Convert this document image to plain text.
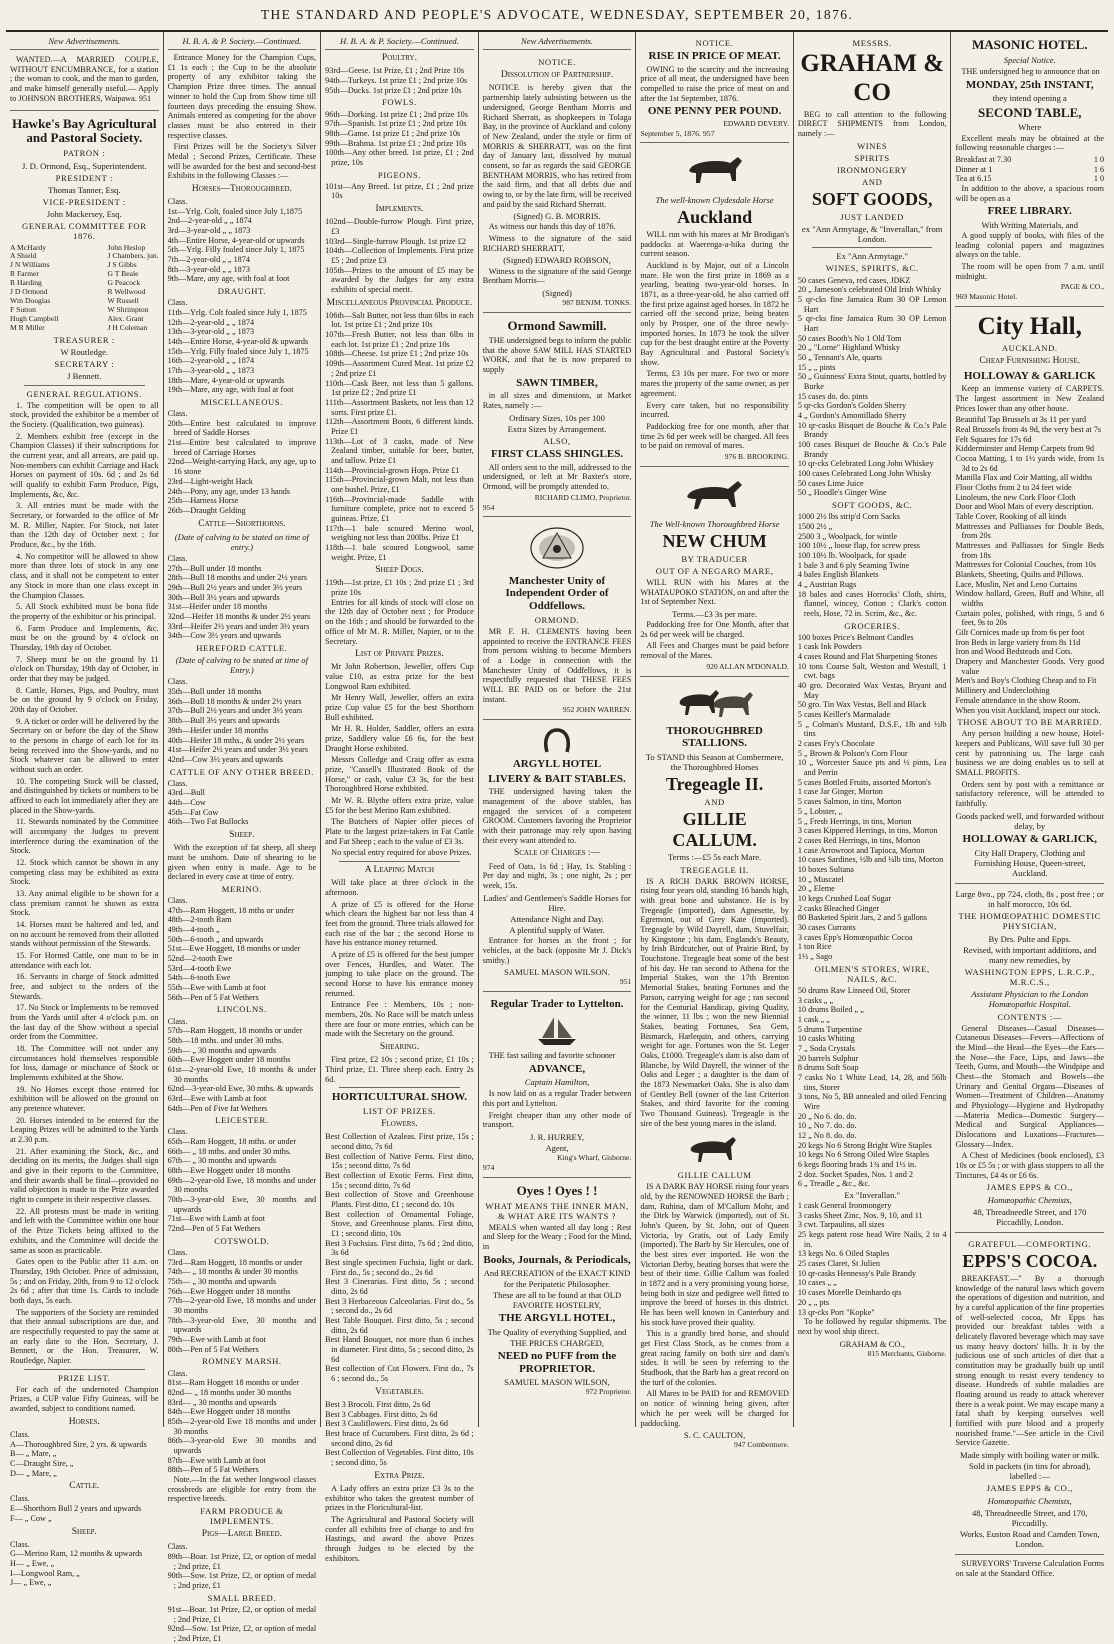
THE STANDARD AND PEOPLE'S ADVOCATE, WEDNESDAY, SEPTEMBER 20, 1876.
New Advertisements.

WANTED.—A MARRIED COUPLE, WITHOUT ENCUMBRANCE, for a station ; the woman to cook, and the man to garden, and make himself generally useful.— Apply to JOHNSON BROTHERS, Waipawa. 951

Hawke's Bay Agricultural and Pastoral Society.
PATRON :
J. D. Ormond, Esq., Superintendent.
PRESIDENT :
Thomas Tanner, Esq.
VICE-PRESIDENT :
John Mackersey, Esq.
GENERAL COMMITTEE FOR 1876.
A McHardy
A Shield
J N Williams
R Farmer
R Harding
J D Ormond
Wm Douglas
F Sutton
Hugh Campbell
M R Miller
John Heslop
J Chambers, jun.
J S Gibbs
G T Beale
G Peacock
R Wellwood
W Russell
W Shrimpton
Alex. Grant
J H Coleman
TREASURER :
W Routledge.
SECRETARY :
J Bennett.
GENERAL REGULATIONS.

1. The competition will be open to all stock, provided the exhibitor be a member of the Society. (Qualification, two guineas).

2. Members exhibit free (except in the Champion Classes) if their subscriptions for the current year, and all arrears, are paid up. Non-members can exhibit Carriage and Hack Horses on payment of 10s. 6d ; and 2s 6d will qualify to exhibit Farm Produce, Pigs, Implements, &c, &c.

3. All entries must be made with the Secretary, or forwarded to the office of Mr M. R. Miller, Napier. For Stock, not later than the 12th day of October next ; for Produce, &c., by the 16th.

4. No competitor will be allowed to show more than three lots of stock in any one class, and it shall not be competent to enter any Stock in more than one class except in the Champion Classes.

5. All Stock exhibited must be bona fide the property of the exhibitor or his principal.

6. Farm Produce and Implements, &c. must be on the ground by 4 o'clock on Thursday, 19th day of October.

7. Sheep must be on the ground by 11 o'clock on Thursday, 19th day of October, in order that they may be judged.

8. Cattle, Horses, Pigs, and Poultry, must be on the ground by 9 o'clock on Friday, 20th day of October.

9. A ticket or order will be delivered by the Secretary on or before the day of the Show to the persons in charge of each lot for its being received into the Show-yards, and no Stock whatever can be allowed to enter without such an order.

10. The competing Stock will be classed, and distinguished by tickets or numbers to be affixed to each lot immediately after they are placed in the Show-yards.

11. Stewards nominated by the Committee will accompany the Judges to prevent interference during the examination of the Stock.

12. Stock which cannot be shown in any competing class may be exhibited as extra Stock.

13. Any animal eligible to be shown for a class premium cannot be shown as extra Stock.

14. Horses must be haltered and led, and on no account be removed from their allotted stands without permission of the Stewards.

15. For Horned Cattle, one man to be in attendance with each lot.

16. Servants in charge of Stock admitted free, and subject to the orders of the Stewards.

17. No Stock or Implements to be removed from the Yards until after 4 o'clock p.m. on the last day of the Show without a special order from the Committee.

18. The Committee will not under any circumstances hold themselves responsible for loss, damage or mischance of Stock or Implements exhibited at the Show.

19. No Horses except those entered for exhibition will be allowed on the ground on any pretence whatever.

20. Horses intended to be entered for the Leaping Prizes will be admitted to the Yards at 2.30 p.m.

21. After examining the Stock, &c., and deciding on its merits, the Judges shall sign and give in their reports to the Committee, and their awards shall be final—provided no valid objection is made to the Prize awarded right to compete in their respective classes.

22. All protests must be made in writing and left with the Committee within one hour of the Prize Tickets being affixed to the exhibits, and the Committee will decide the same as soon as practicable.

Gates open to the Public after 11 a.m. on Thursday, 19th October. Price of admission, 5s ; and on Friday, 20th, from 9 to 12 o'clock 2s 6d ; after that time 1s. Cards to include both days, 5s each.

The supporters of the Society are reminded that their annual subscriptions are due, and are respectfully requested to pay the same at an early date to the Hon. Secretary, J. Bennett, or the Hon. Treasurer, W. Routledge, Napier.

PRIZE LIST.

For each of the undernoted Champion Prizes, a CUP value Fifty Guineas, will be awarded, subject to conditions named.

Horses.
Class.
A—Thoroughbred Sire, 2 yrs. & upwards
B— „ Mare, „
C—Draught Sire, „
D— „ Mare, „
Cattle.
Class.
E—Shorthorn Bull 2 years and upwards
F— „ Cow „
Sheep.
Class.
G—Merino Ram, 12 months & upwards
H— „ Ewe, „
I—Longwool Ram, „
J— „ Ewe, „
H. B. A. & P. Society.—Continued.

Entrance Money for the Champion Cups, £1 1s each ; the Cup to be the absolute property of any exhibitor taking the Champion Prize three times. The annual winner to hold the Cup from Show time till fourteen days preceding the ensuing Show. Animals entered as competing for the above classes must be also entered in their respective classes.

First Prizes will be the Society's Silver Medal ; Second Prizes, Certificate. These will be awarded for the best and second-best Exhibits in the following Classes :—

Horses—Thoroughbred.
Class.
1st—Yrlg. Colt, foaled since July 1,1875
2nd—2-year-old „ „ 1874
3rd—3-year-old „ „ 1873
4th—Entire Horse, 4-year-old or upwards
5th—Yrlg. Filly foaled since July 1, 1875
7th—2-year-old „ „ 1874
8th—3-year-old „ „ 1873
9th—Mare, any age, with foal at foot
DRAUGHT.
Class.
11th—Yrlg. Colt foaled since July 1, 1875
12th—2-year-old „ „ 1874
13th—3-year-old „ „ 1873
14th—Entire Horse, 4-year-old & upwards
15th—Yrlg. Filly foaled since July 1, 1875
16th—2-year-old „ „ 1874
17th—3-year-old „ „ 1873
18th—Mare, 4-year-old or upwards
19th—Mare, any age, with foal at foot
MISCELLANEOUS.
Class.
20th—Entire best calculated to improve breed of Saddle Horses
21st—Entire best calculated to improve breed of Carriage Horses
22nd—Weight-carrying Hack, any age, up to 16 stone
23rd—Light-weight Hack
24th—Pony, any age, under 13 hands
25th—Harness Horse
26th—Draught Gelding
Cattle—Shorthorns.
(Date of calving to be stated on time of entry.)
Class.
27th—Bull under 18 months
28th—Bull 18 months and under 2½ years
29th—Bull 2½ years and under 3½ years
30th—Bull 3½ years and upwards
31st—Heifer under 18 months
32nd—Heifer 18 months & under 2½ years
33rd—Heifer 2½ years and under 3½ years
34th—Cow 3½ years and upwards
HEREFORD CATTLE.
(Date of calving to be stated at time of Entry.)
Class.
35th—Bull under 18 months
36th—Bull 18 months & under 2½ years
37th—Bull 2½ years and under 3½ years
38th—Bull 3½ years and upwards
39th—Heifer under 18 months
40th—Heifer 18 mths., & under 2½ years
41st—Heifer 2½ years and under 3½ years
42nd—Cow 3½ years and upwards
CATTLE OF ANY OTHER BREED.
Class.
43rd—Bull
44th—Cow
45th—Fat Cow
46th—Two Fat Bullocks
Sheep.

With the exception of fat sheep, all sheep must be unshorn. Date of shearing to be given when entry is made. Age to be declared in every case at time of entry.

MERINO.
Class.
47th—Ram Hoggett, 18 mths or under
48th—2-tooth Ram
49th—4-tooth „
50th—6-tooth „ and upwards
51st—Ewe Hoggett, 18 months or under
52nd—2-tooth Ewe
53rd—4-tooth Ewe
54th—6-tooth Ewe
55th—Ewe with Lamb at foot
56th—Pen of 5 Fat Wethers
LINCOLNS.
Class.
57th—Ram Hoggett, 18 months or under
58th—18 mths. and under 30 mths.
59th— „ 30 months and upwards
60th—Ewe Hoggett under 18 months
61st—2-year-old Ewe, 18 months & under 30 months
62nd—3-year-old Ewe, 30 mths. & upwards
63rd—Ewe with Lamb at foot
64th—Pen of Five fat Wethers
LEICESTER.
Class.
65th—Ram Hoggett, 18 mths. or under
66th— „ 18 mths. and under 30 mths.
67th— „ 30 months and upwards
68th—Ewe Hoggett under 18 months
69th—2-year-old Ewe, 18 months and under 30 months
70th—3-year-old Ewe, 30 months and upwards
71st—Ewe with Lamb at foot
72nd—Pen of 5 Fat Wethers
COTSWOLD.
Class.
73rd—Ram Hoggett, 18 months or under
74th— „ 18 months & under 30 months
75th— „ 30 months and upwards
76th—Ewe Hoggett under 18 months
77th—2-year-old Ewe, 18 months and under 30 months
78th—3-year-old Ewe, 30 months and upwards
79th—Ewe with Lamb at foot
80th—Pen of 5 Fat Wethers
ROMNEY MARSH.
Class.
81st—Ram Hoggett 18 months or under
82nd— „ 18 months under 30 months
83rd— „ 30 months and upwards
84th—Ewe Hoggett under 18 months
85th—2-year-old Ewe 18 months and under 30 months
86th—3-year-old Ewe 30 months and upwards
87th—Ewe with Lamb at foot
88th—Pen of 5 Fat Wethers

Note.—In the fat wether longwool classes crossbreds are eligible for entry from the respective breeds.

FARM PRODUCE & IMPLEMENTS.
Pigs—Large Breed.
Class.
89th—Boar. 1st Prize, £2, or option of medal ; 2nd prize, £1
90th—Sow. 1st Prize, £2, or option of medal ; 2nd prize, £1
SMALL BREED.
91st—Boar. 1st Prize, £2, or option of medal ; 2nd Prize, £1
92nd—Sow. 1st Prize, £2, or option of medal ; 2nd Prize, £1
H. B. A. & P. Society.—Continued.
Poultry.
93rd—Geese. 1st Prize, £1 ; 2nd Prize 10s
94th—Turkeys. 1st prize £1 ; 2nd prize 10s
95th—Ducks. 1st prize £1 ; 2nd prize 10s
FOWLS.
96th—Dorking. 1st prize £1 ; 2nd prize 10s
97th—Spanish. 1st prize £1 ; 2nd prize 10s
98th—Game. 1st prize £1 ; 2nd prize 10s
99th—Brahma. 1st prize £1 ; 2nd prize 10s
100th—Any other breed. 1st prize, £1 ; 2nd prize, 10s
PIGEONS.
101st—Any Breed. 1st prize, £1 ; 2nd prize 10s
Implements.
102nd—Double-furrow Plough. First prize, £3
103rd—Single-furrow Plough. 1st prize £2
104th—Collection of Implements. First prize £5 ; 2nd prize £3
105th—Prizes to the amount of £5 may be awarded by the Judges for any extra exhibits of special merit.
Miscellaneous Provincial Produce.
106th—Salt Butter, not less than 6lbs in each lot. 1st prize £1 ; 2nd prize 10s
107th—Fresh Butter, not less than 6lbs in each lot. 1st prize £1 ; 2nd prize 10s
108th—Cheese. 1st prize £1 ; 2nd prize 10s
109th—Assortment Cured Meat. 1st prize £2 ; 2nd prize £1
110th—Cask Beer, not less than 5 gallons. 1st prize £2 ; 2nd prize £1
111th—Assortment Baskets, not less than 12 sorts. First prize £1.
112th—Assortment Boots, 6 different kinds. Prize £1
113th—Lot of 3 casks, made of New Zealand timber, suitable for beer, butter, and tallow. Prize £1
114th—Provincial-grown Hops. Prize £1
115th—Provincial-grown Malt, not less than one bushel. Prize, £1
116th—Provincial-made Saddle with furniture complete, price not to exceed 5 guineas. Prize, £1
117th—1 bale scoured Merino wool, weighing not less than 200lbs. Prize £1
118th—1 bale scoured Longwool, same weight. Prize, £1
Sheep Dogs.
119th—1st prize, £1 10s ; 2nd prize £1 ; 3rd prize 10s

Entries for all kinds of stock will close on the 12th day of October next ; for Produce on the 16th ; and should be forwarded to the office of Mr M. R. Miller, Napier, or to the Secretary.

List of Private Prizes.

Mr John Robertson, Jeweller, offers Cup value £10, as extra prize for the best Longwool Ram exhibited.

Mr Henry Wall, Jeweller, offers an extra prize Cup value £5 for the best Shorthorn Bull exhibited.

Mr H. R. Holder, Saddler, offers an extra prize, Saddlery value £6 6s, for the best Draught Horse exhibited.

Messrs Colledge and Craig offer as extra prize, "Cassell's Illustrated Book of the Horse," or cash, value £3 3s, for the best Thoroughbred Horse exhibited.

Mr W. R. Blythe offers extra prize, value £5 for the best Merino Ram exhibited.

The Butchers of Napier offer pieces of Plate to the largest prize-takers in Fat Cattle and Fat Sheep ; each to the value of £3 3s.

No special entry required for above Prizes.

A Leaping Match

Will take place at three o'clock in the afternoon.

A prize of £5 is offered for the Horse which clears the highest bar not less than 4 feet from the ground. Three trials allowed for each rise of the bar ; the second Horse to have his entrance money returned.

A prize of £5 is offered for the best jumper over Fences, Hurdles, and Water. The jumping to take place on the ground. The second Horse to have his entrance money returned.

Entrance Fee : Members, 10s ; non-members, 20s. No Race will be match unless there are four or more entries, which can be made with the Secretary on the ground.

Shearing.

First prize, £2 10s ; second prize, £1 10s ; Third prize, £1. Three sheep each. Entry 2s 6d.

HORTICULTURAL SHOW.
LIST OF PRIZES.
Flowers.
Best Collection of Azaleas. First prize, 15s ; second ditto, 7s 6d
Best collection of Native Ferns. First ditto, 15s ; second ditto, 7s 6d
Best collection of Exotic Ferns. First ditto, 15s ; second ditto, 7s 6d
Best collection of Stove and Greenhouse Plants. First ditto, £1 ; second do. 10s
Best collection of Ornamental Foliage, Stove, and Greenhouse plants. First ditto, £1 ; second ditto, 10s
Best 3 Fuchsias. First ditto, 7s 6d ; 2nd ditto, 3s 6d
Best single specimen Fuchsia, light or dark. First do., 5s ; second do., 2s 6d
Best 3 Cinerarias. First ditto, 5s ; second ditto, 2s 6d
Best 3 Herbaceous Calceolarias. First do., 5s ; second do., 2s 6d
Best Table Bouquet. First ditto, 5s ; second ditto, 2s 6d
Best Hand Bouquet, not more than 6 inches in diameter. First ditto, 5s ; second ditto, 2s 6d
Best collection of Cut Flowers. First do., 7s 6 ; second do., 5s
Vegetables.
Best 3 Brocoli. First ditto, 2s 6d
Best 3 Cabbages. First ditto, 2s 6d
Best 3 Cauliflowers. First ditto, 2s 6d
Best brace of Cucumbers. First ditto, 2s 6d ; second ditto, 2s 6d
Best Collection of Vegetables. First ditto, 10s ; second ditto, 5s
Extra Prize.

A Lady offers an extra prize £3 3s to the exhibitor who takes the greatest number of prizes in the Floricultural-list.

The Agricultural and Pastoral Society will confer all exhibits free of charge to and fro Hastings, and award the above Prizes through Judges to be elected by the exhibitors.

New Advertisements.
NOTICE.
Dissolution of Partnership.

NOTICE is hereby given that the partnership lately subsisting between us the undersigned, George Bentham Morris and Richard Sherratt, as shopkeepers in Tolaga Bay, in the province of Auckland and colony of New Zealand, under the style or firm of MORRIS & SHERRATT, was on the first day of January last, dissolved by mutual consent, so far as regards the said GEORGE BENTHAM MORRIS, who has retired from the said firm, and that all debts due and owing to, or by the late firm, will be received and paid by the said Richard Sherratt.

(Signed) G. B. MORRIS.

As witness our hands this day of 1876.

Witness to the signature of the said RICHARD SHERRATT,

(Signed) EDWARD ROBSON,

Witness to the signature of the said George Bentham Morris—

(Signed)
987 BENJM. TONKS.
Ormond Sawmill.

THE undersigned begs to inform the public that the above SAW MILL HAS STARTED WORK, and that he is now prepared to supply

SAWN TIMBER,

in all sizes and dimensions, at Market Rates, namely :—

Ordinary Sizes, 10s per 100
Extra Sizes by Arrangement.
ALSO,
FIRST CLASS SHINGLES.

All orders sent to the mill, addressed to the undersigned, or left at Mr Baxter's store, Ormond, will be promptly attended to.

RICHARD CLIMO, Proprietor.
954
Manchester Unity of Independent Order of Oddfellows.
ORMOND.

MR F. H. CLEMENTS having been appointed to receive the ENTRANCE FEES from persons wishing to become Members of a Lodge in connection with the Manchester Unity of Oddfellows, it is respectfully requested that THESE FEES WILL BE PAID on or before the 21st instant.

952 JOHN WARREN.
ARGYLL HOTEL
LIVERY & BAIT STABLES.

THE undersigned having taken the management of the above stables, has engaged the services of a competent GROOM. Customers favoring the Proprietor with their patronage may rely upon having their every want attended to.

Scale of Charges :—

Feed of Oats, 1s 6d ; Hay, 1s. Stabling : Per day and night, 3s ; one night, 2s ; per week, 15s.

Ladies' and Gentlemen's Saddle Horses for Hire.
Attendance Night and Day.
A plentiful supply of Water.

Entrance for horses as the front ; for vehicles, at the back (opposite Mr J. Dick's smithy.)

SAMUEL MASON WILSON.
951
Regular Trader to Lyttelton.

THE fast sailing and favorite schooner

ADVANCE,
Captain Hamilton,

Is now laid on as a regular Trader between this port and Lyttelton.

Freight cheaper than any other mode of transport.

J. R. HURREY,
Agent,
King's Wharf, Gisborne.
974
Oyes ! Oyes ! !
WHAT MEANS THE INNER MAN, & WHAT ARE ITS WANTS ?

MEALS when wanted all day long ; Rest and Sleep for the Weary ; Food for the Mind, in

Books, Journals, & Periodicals,
And RECREATION of the EXACT KIND for the Peripatetic Philosopher.
These are all to be found at that OLD FAVORITE HOSTELRY,
THE ARGYLL HOTEL,
The Quality of everything Supplied, and
THE PRICES CHARGED,
NEED no PUFF from the PROPRIETOR.
SAMUEL MASON WILSON,
972 Proprietor.
NOTICE.
RISE IN PRICE OF MEAT.

OWING to the scarcity and the increasing price of all meat, the undersigned have been compelled to raise the price of meat on and after the 1st September, 1876.

ONE PENNY PER POUND.
EDWARD DEVERY.
September 5, 1876. 957
The well-known Clydesdale Horse
Auckland

WILL run with his mares at Mr Brodigan's paddocks at Waerenga-a-hika during the current season.

Auckland is by Major, out of a Lincoln mare. He won the first prize in 1869 as a yearling, beating two-year-old horses. In 1871, as a three-year-old, he also carried off the first prize against aged horses. In 1872 he carried off the second prize, being beaten only by Prosper, one of the three newly-imported horses. In 1873 he took the silver cup for the best draught entire at the Poverty Bay Agricultural and Pastoral Society's show.

Terms, £3 10s per mare. For two or more mares the property of the same owner, as per agreement.

Every care taken, but no responsibility incurred.

Paddocking free for one month, after that time 2s 6d per week will be charged. All fees to be paid on removal of mares.

976 B. BROOKING.
The Well-known Thoroughbred Horse
NEW CHUM
BY TRADUCER
OUT OF A NEGARO MARE,

WILL RUN with his Mares at the WHATAUPOKO STATION, on and after the 1st of September Next.

Terms.—£3 3s per mare.

Paddocking free for One Month, after that 2s 6d per week will be charged.

All Fees and Charges must be paid before removal of the Mares.

920 ALLAN M'DONALD.
THOROUGHBRED STALLIONS.
To STAND this Season at Combermere, the Thoroughbred Horses
Tregeagle II.
AND
GILLIE CALLUM.
Terms :—£5 5s each Mare.
TREGEAGLE II.

IS A RICH DARK BROWN HORSE, rising four years old, standing 16 hands high, with great bone and substance. He is by Tregeagle (imported), dam Agnesette, by Egremont, out of Grey Kate (imported). Tregeagle by Wild Dayrell, dam, Stuvelfair, by Kingstone ; his dam, Englands's Beauty, by Irish Birdcatcher, out of Prairie Bird, by Touchstone. Tregeagle beat some of the best of his day. He ran second to Athena for the Imperial Stakes, won the 17th Brenton Memorial Stakes, beating Fortunes and the Parson, carrying weight for age ; ran second for the Centurial Handicap, giving Quality, the winner, 11 lbs ; won the new Biennial Stakes, beating Fortunes, Sea Gem, Bismarck, Harlequin, and others, carrying weight for age. Fortunes won the St. Leger Oaks, £1000. Tregeagle's dam is also dam of Blanche, by Wild Dayrell, the winner of the Oaks and Leger ; a daughter is the dam of the 1873 Newmarket Oaks. She is also dam of Gentley Bell (owner of the last Criterion Stakes, and third favorite for the coming Two Thousand Guineas). Tregeagle is the sire of the best young mares in the island.

GILLIE CALLUM

IS A DARK BAY HORSE rising four years old, by the RENOWNED HORSE the Barb ; dam, Ruhina, dam of M'Callum Mohr, and the Dirk by Warwick (imported), out of St. John's Queen, by St. John, out of Queen Victoria, by Gratis, out of Lady Emily (imported). The Barb by Sir Hercules, one of the best sires ever imported. He won the Victorian Derby, beating horses that were the best of their time. Gillie Callum was foaled in 1872 and is a very promising young horse, being both in size and pedigree well fitted to improve the breed of horses in this district. He has been well known in Canterbury and his stock have proved their quality.

This is a grandly bred horse, and should get First Class Stock, as he comes from a great racing family on both sire and dam's sides. It will be seen by referring to the Studbook, that the Barb has a great record on the turf of the colonies.

All Mares to be PAID for and REMOVED on notice of winning being given, after which he per week will be charged for paddocking.

S. C. CAULTON,
947 Combermere.
MESSRS.
GRAHAM & CO

BEG to call attention to the following DIRECT SHIPMENTS from London, namely :—

WINES
SPIRITS
IRONMONGERY
AND
SOFT GOODS,
JUST LANDED
ex "Ann Armytage, & "Inverallan," from London.
Ex "Ann Armytage."
WINES, SPIRITS, &C.
50 cases Geneva, red cases, JDKZ
20 „ Jameson's celebrated Old Irish Whisky
5 qr-cks fine Jamaica Rum 30 OP Lemon Hart
5 qr-cks fine Jamaica Rum 30 OP Lemon Hart
50 cases Booth's No 1 Old Tom
20 „ "Lorne" Highland Whisky
50 „ Tennant's Ale, quarts
15 „ „ pints
50 „ Guinness' Extra Stout, quarts, bottled by Burke
15 cases do. do. pints
5 qr-cks Gordon's Golden Sherry
4 „ Gordon's Amontillado Sherry
10 qr-casks Bisquet de Bouche & Co.'s Pale Brandy
100 cases Bisquet de Bouche & Co.'s Pale Brandy
10 qr-cks Celebrated Long John Whiskey
100 cases Celebrated Long John Whisky
50 cases Lime Juice
50 „ Hoodle's Ginger Wine
SOFT GOODS, &C.
1000 2½ lbs strip'd Corn Sacks
1500 2½ „
2500 3 „ Woolpack, for wintle
100 10½ „ loose flap, for screw press
100 10½ lb. Woolpack, for spade
1 bale 3 and 6 ply Seaming Twine
4 bales English Blankets
4 „ Austrian Rugs
18 bales and cases Horrocks' Cloth, shirts, flannel, wincey, Cotton ; Clark's cotton reels, Hose, 72 in. Scrim, &c., &c.
GROCERIES.
100 boxes Price's Belmont Candles
1 cask Ink Powders
4 cases Round and Flat Sharpening Stones
10 tons Coarse Salt, Weston and Westall, 1 cwt. bags
40 gro. Decorated Wax Vestas, Bryant and May
50 gro. Tin Wax Vestas, Bell and Black
5 cases Keiller's Marmalade
5 „ Colman's Mustard, D.S.F., 1lb and ½lb tins
2 cases Fry's Chocolate
5 „ Brown & Polson's Corn Flour
10 „ Worcester Sauce pts and ½ pints, Lea and Perrin
5 cases Bottled Fruits, assorted Morton's
1 case Jar Ginger, Morton
5 cases Salmon, in tins, Morton
5 „ Lobster, „
5 „ Fresh Herrings, in tins, Morton
3 cases Kippered Herrings, in tins, Morton
2 cases Red Herrings, in tins, Morton
1 case Arrowroot and Tapioca, Morton
10 cases Sardines, ½lb and ¼lb tins, Morton
10 boxes Sultana
10 „ Muscatel
20 „ Eleme
10 kegs Crushed Loaf Sugar
2 casks Bleached Ginger
80 Basketed Spirit Jars, 2 and 5 gallons
30 cases Currants
3 cases Epp's Homœopathic Cocoa
1 ton Rice
1½ „ Sago
OILMEN'S STORES, WIRE, NAILS, &C.
50 drums Raw Linseed Oil, Storer
3 casks „ „
10 drums Boiled „ „
1 cask „ „
5 drums Turpentine
10 casks Whiting
7 „ Soda Crystals
20 barrels Sulphur
8 drums Soft Soap
7 casks No 1 White Lead, 14, 28, and 56lb tins, Storer
3 tons, No 5, BB annealed and oiled Fencing Wire
20 „ No 6. do. do.
10 „ No 7. do. do.
12 „ No 8. do. do.
20 kegs No 6 Strong Bright Wire Staples
10 kegs No 6 Strong Oiled Wire Staples
6 kegs flooring brads 1¾ and 1½ in.
2 doz. Socket Spades, Nos. 1 and 2
6 „ Treadle „ &c., &c.
Ex "Inverallan."
1 cask General Ironmongery
3 casks Sheet Zinc, Nos. 9, 10, and 11
3 cwt. Tarpaulins, all sizes
25 kegs patent rose head Wire Nails, 2 to 4 in.
13 kegs No. 6 Oiled Staples
25 cases Claret, St Julien
10 qr-casks Hennessy's Pale Brandy
10 cases „ „
10 cases Morelle Deinhardo qts
20 „ „ pts
13 qr-cks Port "Kopke"

To be followed by regular shipments. The next by wool ship direct.

GRAHAM & CO.,
815 Merchants, Gisborne.
MASONIC HOTEL.
Special Notice.

THE undersigned beg to announce that on

MONDAY, 25th INSTANT,
they intend opening a
SECOND TABLE,
Where

Excellent meals may be obtained at the following reasonable charges :—

Breakfast at 7.30	1 0
Dinner at 1	1 6
Tea at 6.15	1 0

In addition to the above, a spacious room will be open as a

FREE LIBRARY.
With Writing Materials, and

A good supply of books, with files of the leading colonial papers and magazines always on the table.

The room will be open from 7 a.m. until midnight.

PAGE & CO.,
969 Masonic Hotel.
City Hall,
AUCKLAND.
Cheap Furnishing House.
HOLLOWAY & GARLICK

Keep an immense variety of CARPETS. The largest assortment in New Zealand Prices lower than any other house.

Beautiful Tap Brussels at 3s 11 per yard
Real Brussels from 4s 9d, the very best at 7s
Felt Squares for 17s 6d
Kidderminster and Hemp Carpets from 9d
Cocoa Matting, 1 to 1½ yards wide, from 1s 3d to 2s 6d
Manilla Flax and Coir Matting, all widths
Floor Cloths from 2 to 24 feet wide
Linoleum, the new Cork Floor Cloth
Door and Wool Mats of every description.
Table Cover, Rooking of all kinds
Mattresses and Palliasses for Double Beds, from 20s
Mattresses and Palliasses for Single Beds from 18s
Mattresses for Colonial Couches, from 10s
Blankets, Sheeting, Quilts and Pillows.
Lace, Muslin, Net and Leno Curtains
Window hollard, Green, Buff and White, all widths
Curtain poles, polished, with rings, 5 and 6 feet, 9s to 20s
Gilt Cornices made up from 6s per foot
Iron Beds in large variety from 8s 11d
Iron and Wood Bedsteads and Cots.
Drapery and Manchester Goods. Very good value
Men's and Boy's Clothing Cheap and to Fit
Millinery and Underclothing
Female attendance in the show Room.
When you visit Auckland, inspect our stock.
THOSE ABOUT TO BE MARRIED.

Any person building a new house, Hotel-keepers and Publicans, Will save full 30 per cent by patronising us. The large cash business we are doing enables us to sell at SMALL PROFITS.

Orders sent by post with a remittance or satisfactory reference, will be attended to faithfully.

Goods packed well, and forwarded without delay, by
HOLLOWAY & GARLICK,
City Hall Drapery, Clothing and Furnishing House, Queen-street, Auckland.
Large 8vo., pp 724, cloth, 8s , post free ; or in half morocco, 10s 6d.
THE HOMŒOPATHIC DOMESTIC PHYSICIAN,
By Drs. Pulte and Epps.
Revised, with important additions, and many new remedies, by
WASHINGTON EPPS, L.R.C.P., M.R.C.S.,
Assistant Physician to the London Homœopathic Hospital.
CONTENTS :—

General Diseases—Casual Diseases—Cutaneous Diseases—Fevers—Affections of the Mind—the Head—the Eyes—the Ears—the Nose—the Face, Lips, and Jaws—the Teeth, Gums, and Mouth—the Windpipe and Chest—the Stomach and Bowels—the Urinary and Genital Organs—Diseases of Women—Treatment of Children—Anatomy and Physiology—Hygiene and Hydropathy—Materia Medica—Domestic Surgery—Medical and Surgical Appliances—Dislocations and Luxations—Fractures—Glossary—Index.

A Chest of Medicines (book enclosed), £3 10s or £5 5s ; or with glass stoppers to all the Tinctures, £4 4s or £6 6s.

JAMES EPPS & CO.,
Homœopathic Chemists,
48, Threadneedle Street, and 170 Piccadilly, London.
GRATEFUL—COMFORTING.
EPPS'S COCOA.

BREAKFAST.—" By a thorough knowledge of the natural laws which govern the operations of digestion and nutrition, and by a careful application of the fine properties of well-selected cocoa, Mr Epps has provided our breakfast tables with a delicately flavored beverage which may save us many heavy doctors' bills. It is by the judicious use of such articles of diet that a constitution may be gradually built up until strong enough to resist every tendency to disease. Hundreds of subtle maladies are floating around us ready to attack wherever there is a weak point. We may escape many a fatal shaft by keeping ourselves well fortified with pure blood and a properly nourished frame."—See article in the Civil Service Gazette.

Made simply with boiling water or milk.
Sold in packets (in tins for abroad), labelled :—
JAMES EPPS & CO.,
Homœopathic Chemists,
48, Threadneedle Street, and 170, Piccadilly.
Works, Euston Road and Camden Town, London.

SURVEYORS' Traverse Calculation Forms on sale at the Standard Office.
